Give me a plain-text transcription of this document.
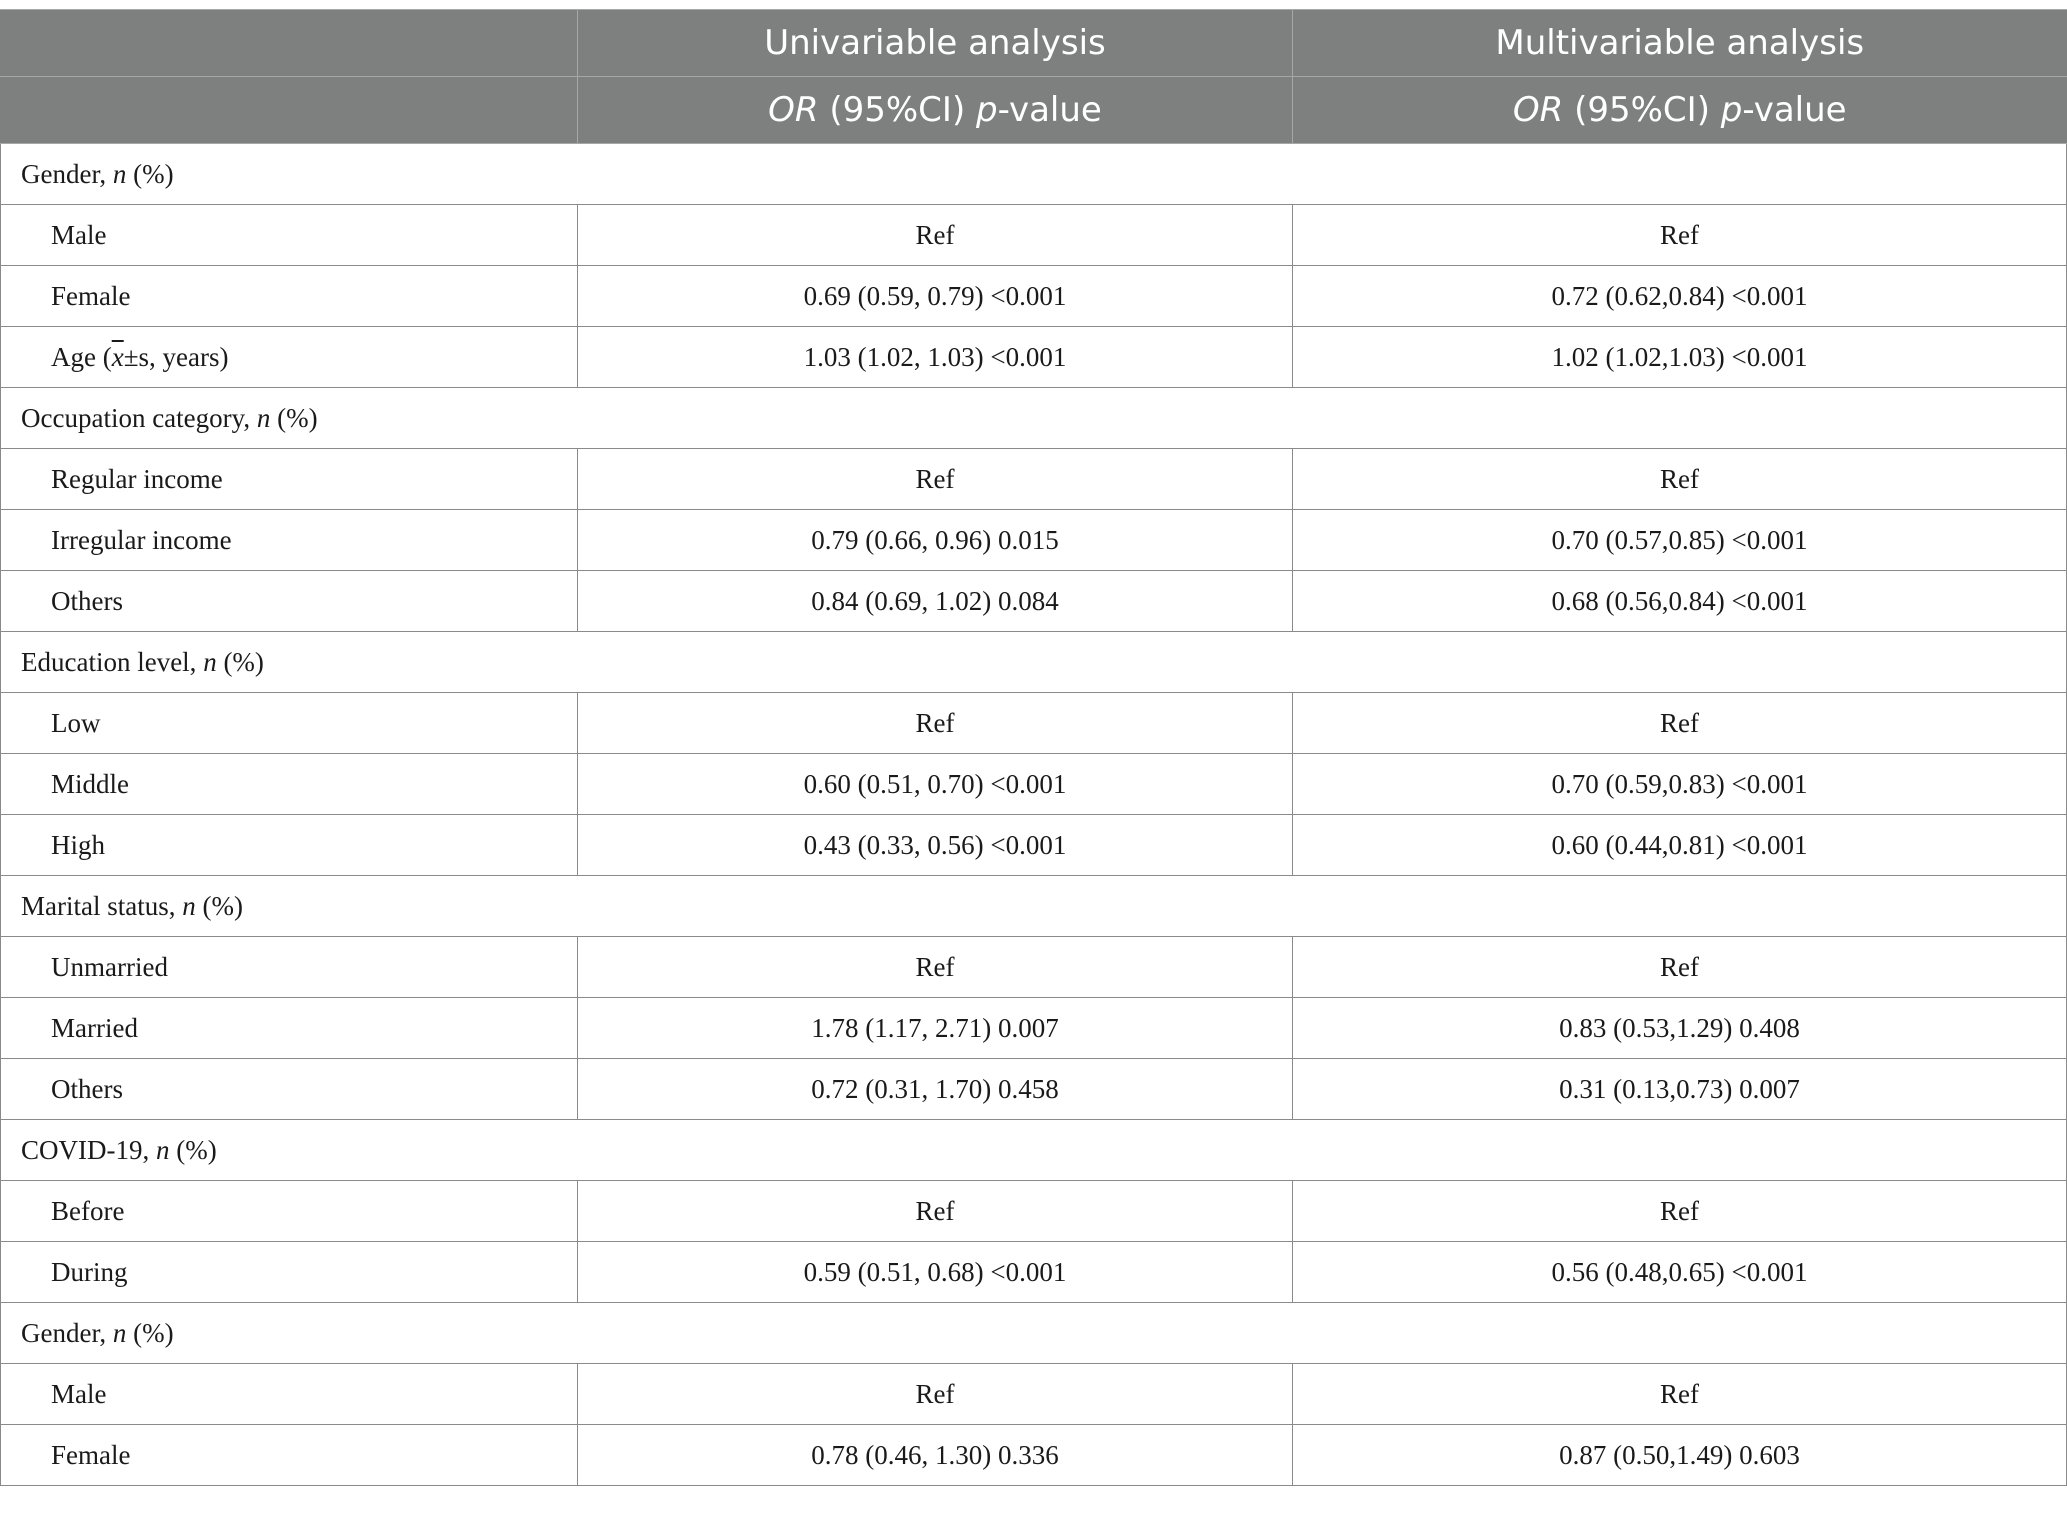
	Univariable analysis	Multivariable analysis
	OR (95%CI) p-value	OR (95%CI) p-value
Gender, n (%)		
Male	Ref	Ref
Female	0.69 (0.59, 0.79) <0.001	0.72 (0.62,0.84) <0.001
Age ($\overline{x}\pm s$, years)	1.03 (1.02, 1.03) <0.001	1.02 (1.02,1.03) <0.001
Occupation category, n (%)		
Regular income	Ref	Ref
Irregular income	0.79 (0.66, 0.96) 0.015	0.70 (0.57,0.85) <0.001
Others	0.84 (0.69, 1.02) 0.084	0.68 (0.56,0.84) <0.001
Education level, n (%)		
Low	Ref	Ref
Middle	0.60 (0.51, 0.70) <0.001	0.70 (0.59,0.83) <0.001
High	0.43 (0.33, 0.56) <0.001	0.60 (0.44,0.81) <0.001
Marital status, n (%)		
Unmarried	Ref	Ref
Married	1.78 (1.17, 2.71) 0.007	0.83 (0.53,1.29) 0.408
Others	0.72 (0.31, 1.70) 0.458	0.31 (0.13,0.73) 0.007
COVID-19, n (%)		
Before	Ref	Ref
During	0.59 (0.51, 0.68) <0.001	0.56 (0.48,0.65) <0.001
Gender, n (%)		
Male	Ref	Ref
Female	0.78 (0.46, 1.30) 0.336	0.87 (0.50,1.49) 0.603
